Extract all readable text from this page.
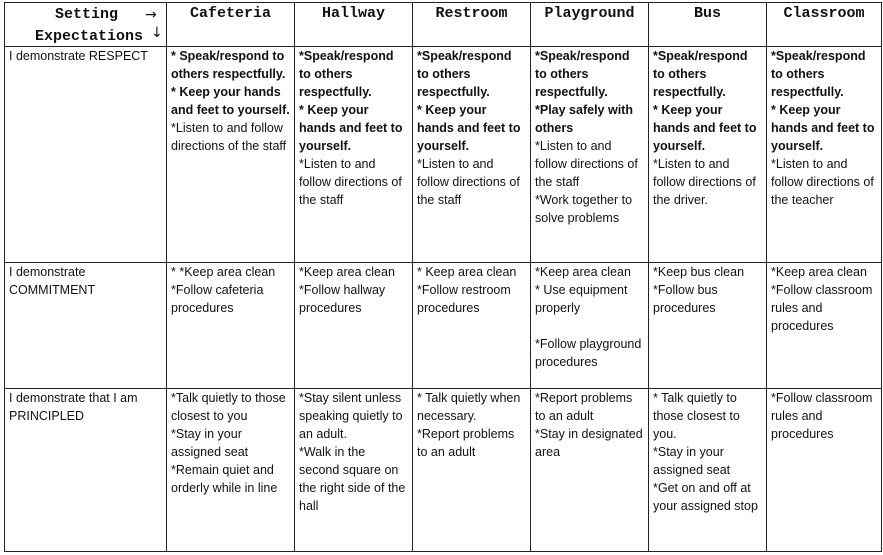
Setting →
Expectations ↓	Cafeteria	Hallway	Restroom	Playground	Bus	Classroom

I demonstrate RESPECT	* Speak/respond to others respectfully.
* Keep your hands and feet to yourself.
*Listen to and follow directions of the staff	*Speak/respond to others respectfully.
* Keep your hands and feet to yourself.
*Listen to and follow directions of the staff	*Speak/respond to others respectfully.
* Keep your hands and feet to yourself.
*Listen to and follow directions of the staff	*Speak/respond to others respectfully.
*Play safely with others
*Listen to and follow directions of the staff
*Work together to solve problems	*Speak/respond to others respectfully.
* Keep your hands and feet to yourself.
*Listen to and follow directions of the driver.	*Speak/respond to others respectfully.
* Keep your hands and feet to yourself.
*Listen to and follow directions of the teacher

I demonstrate
COMMITMENT	* *Keep area clean
*Follow cafeteria procedures	*Keep area clean
*Follow hallway procedures	* Keep area clean
*Follow restroom procedures	*Keep area clean
* Use equipment properly
*Follow playground procedures	*Keep bus clean
*Follow bus procedures	*Keep area clean
*Follow classroom rules and procedures

I demonstrate that I am
PRINCIPLED	*Talk quietly to those closest to you
*Stay in your assigned seat
*Remain quiet and orderly while in line	*Stay silent unless speaking quietly to an adult.
*Walk in the second square on the right side of the hall	* Talk quietly when necessary.
*Report problems to an adult	*Report problems to an adult
*Stay in designated area	* Talk quietly to those closest to you.
*Stay in your assigned seat
*Get on and off at your assigned stop	*Follow classroom rules and procedures
